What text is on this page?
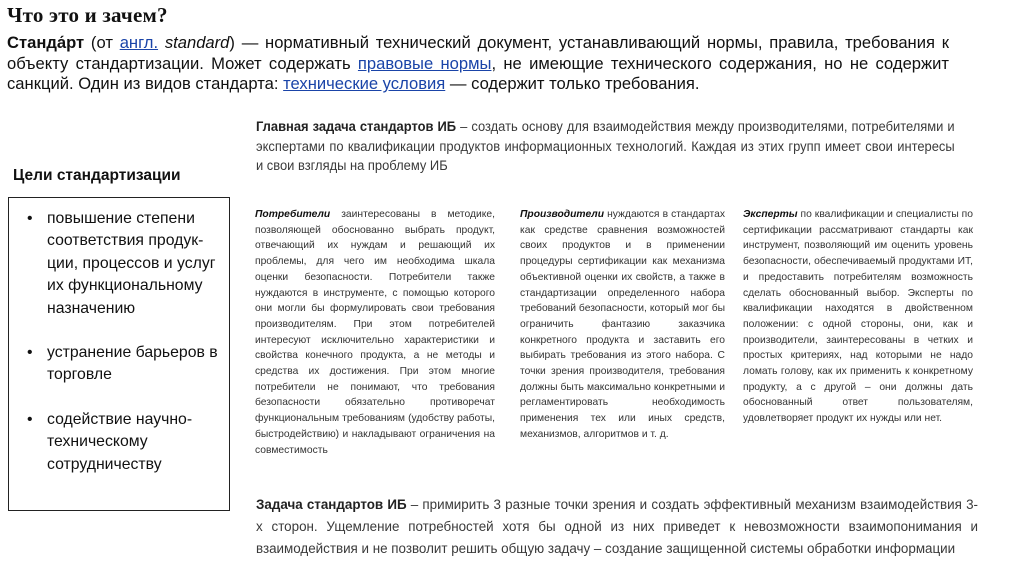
Что это и зачем?
Стандарт (от англ. standard) — нормативный технический документ, устанавливающий нормы, правила, требования к объекту стандартизации. Может содержать правовые нормы, не имеющие технического содержания, но не содержит санкций. Один из видов стандарта: технические условия — содержит только требования.
Цели стандартизации
• повышение степени соответствия продук-ции, процессов и услуг их функциональному назначению
• устранение барьеров в торговле
• содействие научно-техническому сотрудничеству
Главная задача стандартов ИБ – создать основу для взаимодействия между производителями, потребителями и экспертами по квалификации продуктов информационных технологий. Каждая из этих групп имеет свои интересы и свои взгляды на проблему ИБ
Потребители заинтересованы в методике, позволяющей обоснованно выбрать продукт, отвечающий их нуждам и решающий их проблемы, для чего им необходима шкала оценки безопасности. Потребители также нуждаются в инструменте, с помощью которого они могли бы формулировать свои требования производителям. При этом потребителей интересуют исключительно характеристики и свойства конечного продукта, а не методы и средства их достижения. При этом многие потребители не понимают, что требования безопасности обязательно противоречат функциональным требованиям (удобству работы, быстродействию) и накладывают ограничения на совместимость
Производители нуждаются в стандартах как средстве сравнения возможностей своих продуктов и в применении процедуры сертификации как механизма объективной оценки их свойств, а также в стандартизации определенного набора требований безопасности, который мог бы ограничить фантазию заказчика конкретного продукта и заставить его выбирать требования из этого набора. С точки зрения производителя, требования должны быть максимально конкретными и регламентировать необходимость применения тех или иных средств, механизмов, алгоритмов и т. д.
Эксперты по квалификации и специалисты по сертификации рассматривают стандарты как инструмент, позволяющий им оценить уровень безопасности, обеспечиваемый продуктами ИТ, и предоставить потребителям возможность сделать обоснованный выбор. Эксперты по квалификации находятся в двойственном положении: с одной стороны, они, как и производители, заинтересованы в четких и простых критериях, над которыми не надо ломать голову, как их применить к конкретному продукту, а с другой – они должны дать обоснованный ответ пользователям, удовлетворяет продукт их нужды или нет.
Задача стандартов ИБ – примирить 3 разные точки зрения и создать эффективный механизм взаимодействия 3-х сторон. Ущемление потребностей хотя бы одной из них приведет к невозможности взаимопонимания и взаимодействия и не позволит решить общую задачу – создание защищенной системы обработки информации
